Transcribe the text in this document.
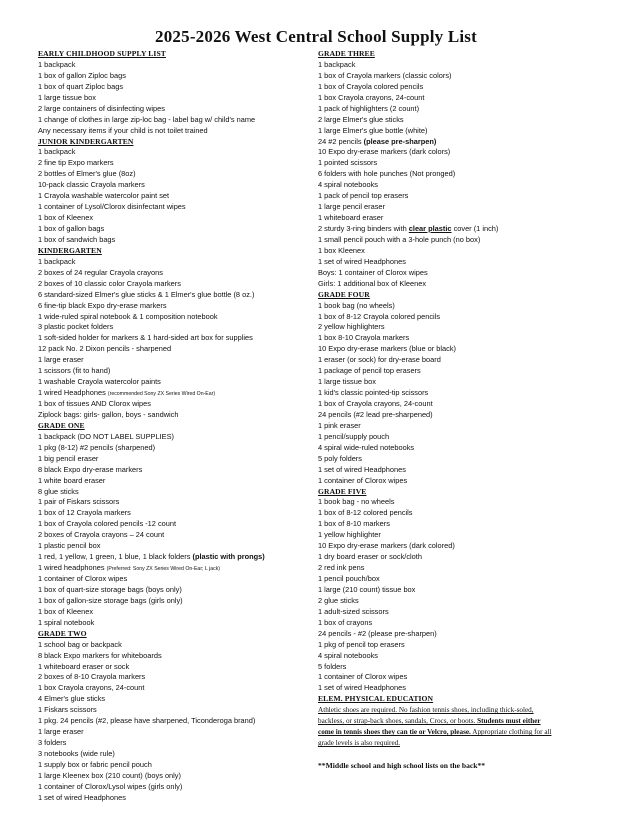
2025-2026 West Central School Supply List
EARLY CHILDHOOD SUPPLY LIST
1 backpack
1 box of gallon Ziploc bags
1 box of quart Ziploc bags
1 large tissue box
2 large containers of disinfecting wipes
1 change of clothes in large zip-loc bag - label bag w/ child's name
Any necessary items if your child is not toilet trained
JUNIOR KINDERGARTEN
1 backpack
2 fine tip Expo markers
2 bottles of Elmer's glue (8oz)
10-pack classic Crayola markers
1 Crayola washable watercolor paint set
1 container of Lysol/Clorox disinfectant wipes
1 box of Kleenex
1 box of gallon bags
1 box of sandwich bags
KINDERGARTEN
1 backpack
2 boxes of 24 regular Crayola crayons
2 boxes of 10 classic color Crayola markers
6 standard-sized Elmer's glue sticks & 1 Elmer's glue bottle (8 oz.)
6 fine-tip black Expo dry-erase markers
1 wide-ruled spiral notebook & 1 composition notebook
3 plastic pocket folders
1 soft-sided holder for markers & 1 hard-sided art box for supplies
12 pack No. 2 Dixon pencils - sharpened
1 large eraser
1 scissors (fit to hand)
1 washable Crayola watercolor paints
1 wired Headphones (recommended Sony ZX Series Wired On-Ear)
1 box of tissues AND Clorox wipes
Ziplock bags: girls- gallon, boys - sandwich
GRADE ONE
1 backpack (DO NOT LABEL SUPPLIES)
1 pkg (8-12) #2 pencils (sharpened)
1 big pencil eraser
8 black Expo dry-erase markers
1 white board eraser
8 glue sticks
1 pair of Fiskars scissors
1 box of 12 Crayola markers
1 box of Crayola colored pencils -12 count
2 boxes of Crayola crayons – 24 count
1 plastic pencil box
1 red, 1 yellow, 1 green, 1 blue, 1 black folders (plastic with prongs)
1 wired headphones (Preferred: Sony ZX Series Wired On-Ear; L jack)
1 container of Clorox wipes
1 box of quart-size storage bags (boys only)
1 box of gallon-size storage bags (girls only)
1 box of Kleenex
1 spiral notebook
GRADE TWO
1 school bag or backpack
8 black Expo markers for whiteboards
1 whiteboard eraser or sock
2 boxes of 8-10 Crayola markers
1 box Crayola crayons, 24-count
4 Elmer's glue sticks
1 Fiskars scissors
1 pkg. 24 pencils (#2, please have sharpened, Ticonderoga brand)
1 large eraser
3 folders
3 notebooks (wide rule)
1 supply box or fabric pencil pouch
1 large Kleenex box (210 count) (boys only)
1 container of Clorox/Lysol wipes (girls only)
1 set of wired Headphones
GRADE THREE
1 backpack
1 box of Crayola markers (classic colors)
1 box of Crayola colored pencils
1 box Crayola crayons, 24-count
1 pack of highlighters (2 count)
2 large Elmer's glue sticks
1 large Elmer's glue bottle (white)
24 #2 pencils (please pre-sharpen)
10 Expo dry-erase markers (dark colors)
1 pointed scissors
6 folders with hole punches (Not pronged)
4 spiral notebooks
1 pack of pencil top erasers
1 large pencil eraser
1 whiteboard eraser
2 sturdy 3-ring binders with clear plastic cover (1 inch)
1 small pencil pouch with a 3-hole punch (no box)
1 box Kleenex
1 set of wired Headphones
Boys: 1 container of Clorox wipes
Girls: 1 additional box of Kleenex
GRADE FOUR
1 book bag (no wheels)
1 box of 8-12 Crayola colored pencils
2 yellow highlighters
1 box 8-10 Crayola markers
10 Expo dry-erase markers (blue or black)
1 eraser (or sock) for dry-erase board
1 package of pencil top erasers
1 large tissue box
1 kid's classic pointed-tip scissors
1 box of Crayola crayons, 24-count
24 pencils (#2 lead pre-sharpened)
1 pink eraser
1 pencil/supply pouch
4 spiral wide-ruled notebooks
5 poly folders
1 set of wired Headphones
1 container of Clorox wipes
GRADE FIVE
1 book bag - no wheels
1 box of 8-12 colored pencils
1 box of 8-10 markers
1 yellow highlighter
10 Expo dry-erase markers (dark colored)
1 dry board eraser or sock/cloth
2 red ink pens
1 pencil pouch/box
1 large (210 count) tissue box
2 glue sticks
1 adult-sized scissors
1 box of crayons
24 pencils - #2 (please pre-sharpen)
1 pkg of pencil top erasers
4 spiral notebooks
5 folders
1 container of Clorox wipes
1 set of wired Headphones
ELEM. PHYSICAL EDUCATION
Athletic shoes are required. No fashion tennis shoes, including thick-soled, backless, or strap-back shoes, sandals, Crocs, or boots. Students must either come in tennis shoes they can tie or Velcro, please. Appropriate clothing for all grade levels is also required.
**Middle school and high school lists on the back**
